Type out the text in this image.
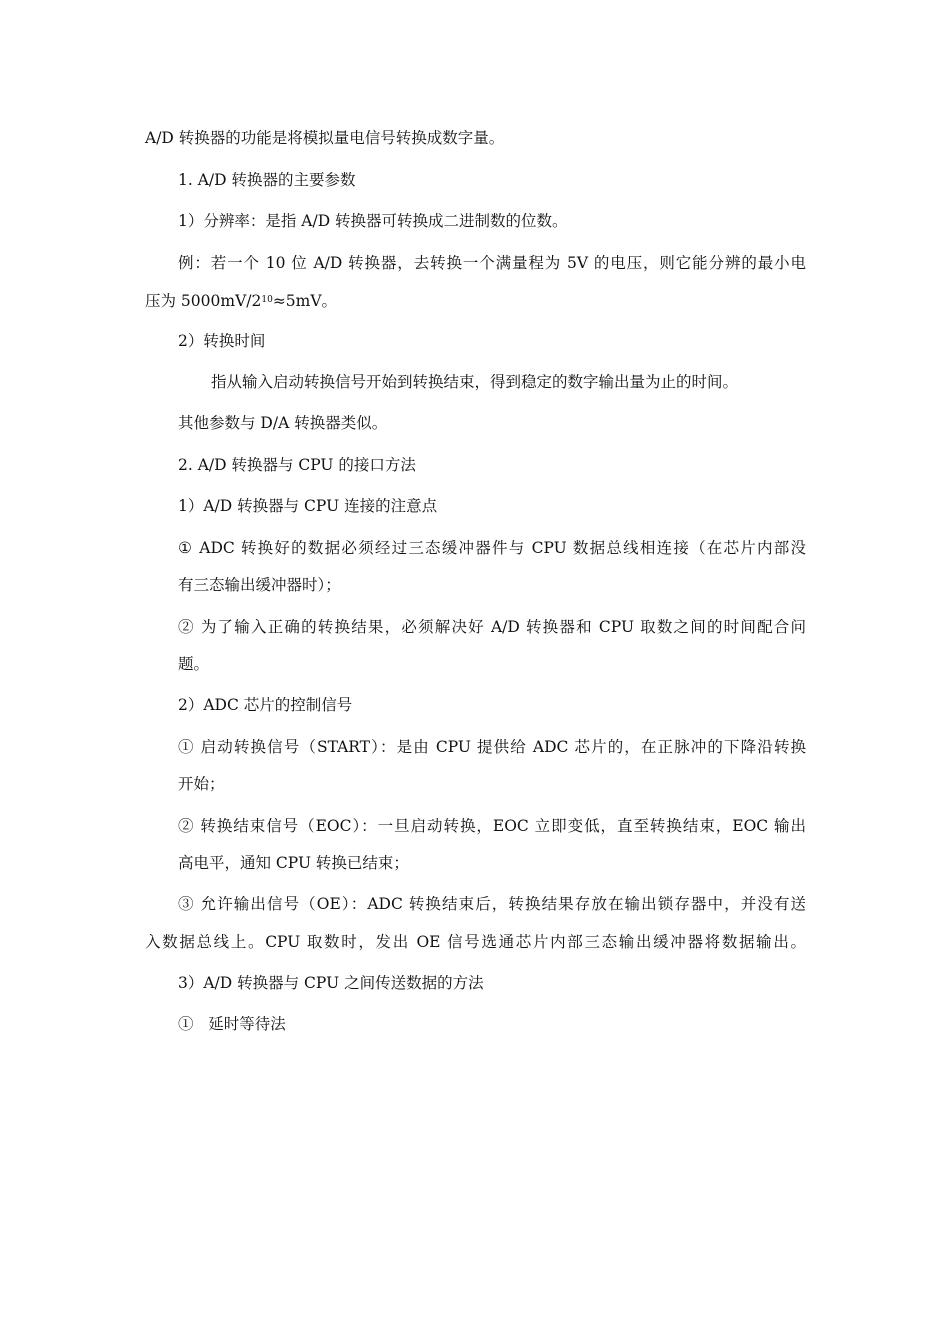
A/D 转换器的功能是将模拟量电信号转换成数字量。
1. A/D 转换器的主要参数
1）分辨率：是指 A/D 转换器可转换成二进制数的位数。
例：若一个 10 位 A/D 转换器，去转换一个满量程为 5V 的电压，则它能分辨的最小电
压为 $5000mV/2^{10}\approx 5mV$。
2）转换时间
指从输入启动转换信号开始到转换结束，得到稳定的数字输出量为止的时间。
其他参数与 D/A 转换器类似。
2. A/D 转换器与 CPU 的接口方法
1）A/D 转换器与 CPU 连接的注意点
① ADC 转换好的数据必须经过三态缓冲器件与 CPU 数据总线相连接（在芯片内部没
有三态输出缓冲器时）；
② 为了输入正确的转换结果，必须解决好 A/D 转换器和 CPU 取数之间的时间配合问
题。
2）ADC 芯片的控制信号
① 启动转换信号（START）：是由 CPU 提供给 ADC 芯片的，在正脉冲的下降沿转换
开始；
② 转换结束信号（EOC）：一旦启动转换，EOC 立即变低，直至转换结束，EOC 输出
高电平，通知 CPU 转换已结束；
③ 允许输出信号（OE）：ADC 转换结束后，转换结果存放在输出锁存器中，并没有送
入数据总线上。CPU 取数时，发出 OE 信号选通芯片内部三态输出缓冲器将数据输出。
3）A/D 转换器与 CPU 之间传送数据的方法
①   延时等待法
